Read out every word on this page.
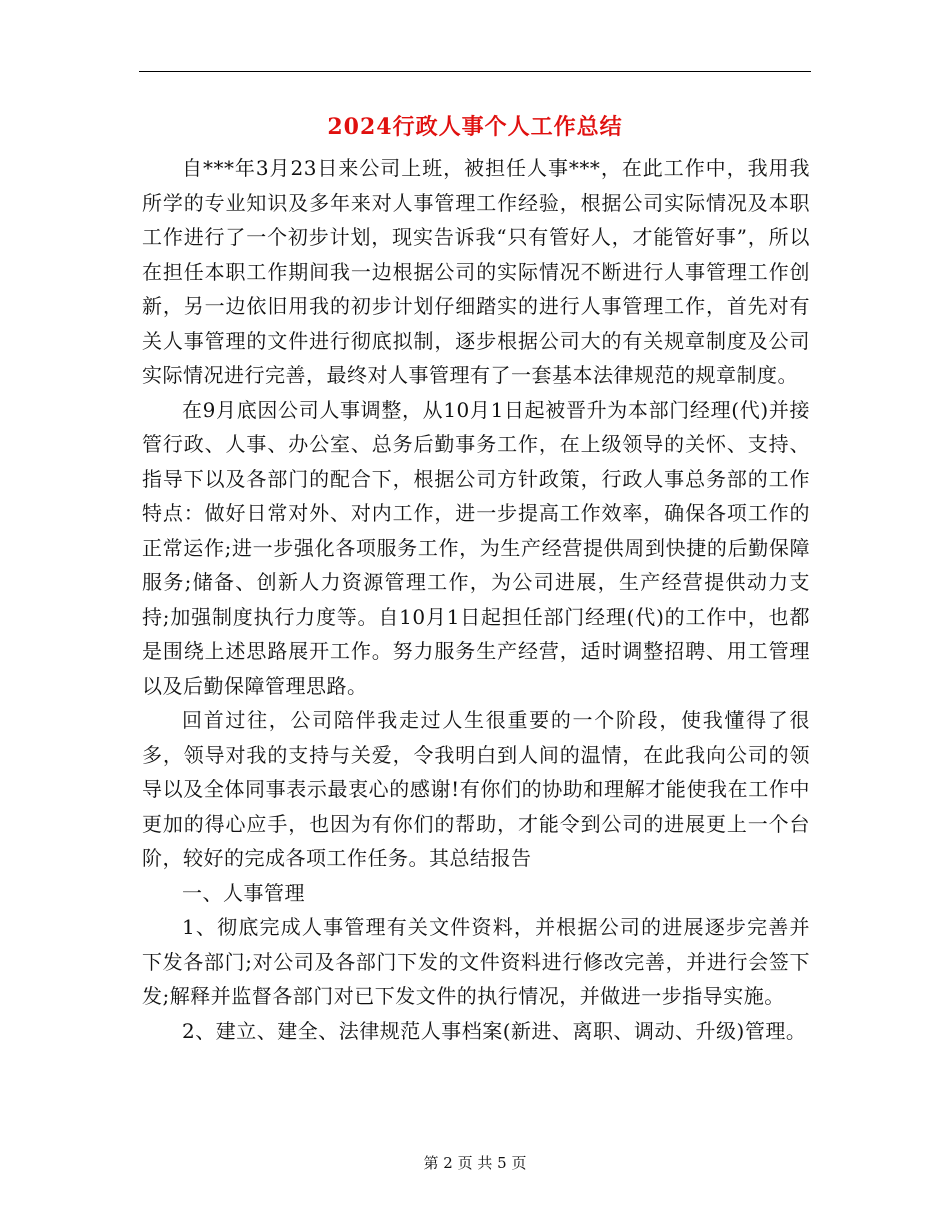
2024行政人事个人工作总结

自***年3月23日来公司上班，被担任人事***，在此工作中，我用我所学的专业知识及多年来对人事管理工作经验，根据公司实际情况及本职工作进行了一个初步计划，现实告诉我“只有管好人，才能管好事”，所以在担任本职工作期间我一边根据公司的实际情况不断进行人事管理工作创新，另一边依旧用我的初步计划仔细踏实的进行人事管理工作，首先对有关人事管理的文件进行彻底拟制，逐步根据公司大的有关规章制度及公司实际情况进行完善，最终对人事管理有了一套基本法律规范的规章制度。

在9月底因公司人事调整，从10月1日起被晋升为本部门经理(代)并接管行政、人事、办公室、总务后勤事务工作，在上级领导的关怀、支持、指导下以及各部门的配合下，根据公司方针政策，行政人事总务部的工作特点：做好日常对外、对内工作，进一步提高工作效率，确保各项工作的正常运作;进一步强化各项服务工作，为生产经营提供周到快捷的后勤保障服务;储备、创新人力资源管理工作，为公司进展，生产经营提供动力支持;加强制度执行力度等。自10月1日起担任部门经理(代)的工作中，也都是围绕上述思路展开工作。努力服务生产经营，适时调整招聘、用工管理以及后勤保障管理思路。

回首过往，公司陪伴我走过人生很重要的一个阶段，使我懂得了很多，领导对我的支持与关爱，令我明白到人间的温情，在此我向公司的领导以及全体同事表示最衷心的感谢!有你们的协助和理解才能使我在工作中更加的得心应手，也因为有你们的帮助，才能令到公司的进展更上一个台阶，较好的完成各项工作任务。其总结报告

一、人事管理

1、彻底完成人事管理有关文件资料，并根据公司的进展逐步完善并下发各部门;对公司及各部门下发的文件资料进行修改完善，并进行会签下发;解释并监督各部门对已下发文件的执行情况，并做进一步指导实施。

2、建立、建全、法律规范人事档案(新进、离职、调动、升级)管理。

第 2 页 共 5 页
